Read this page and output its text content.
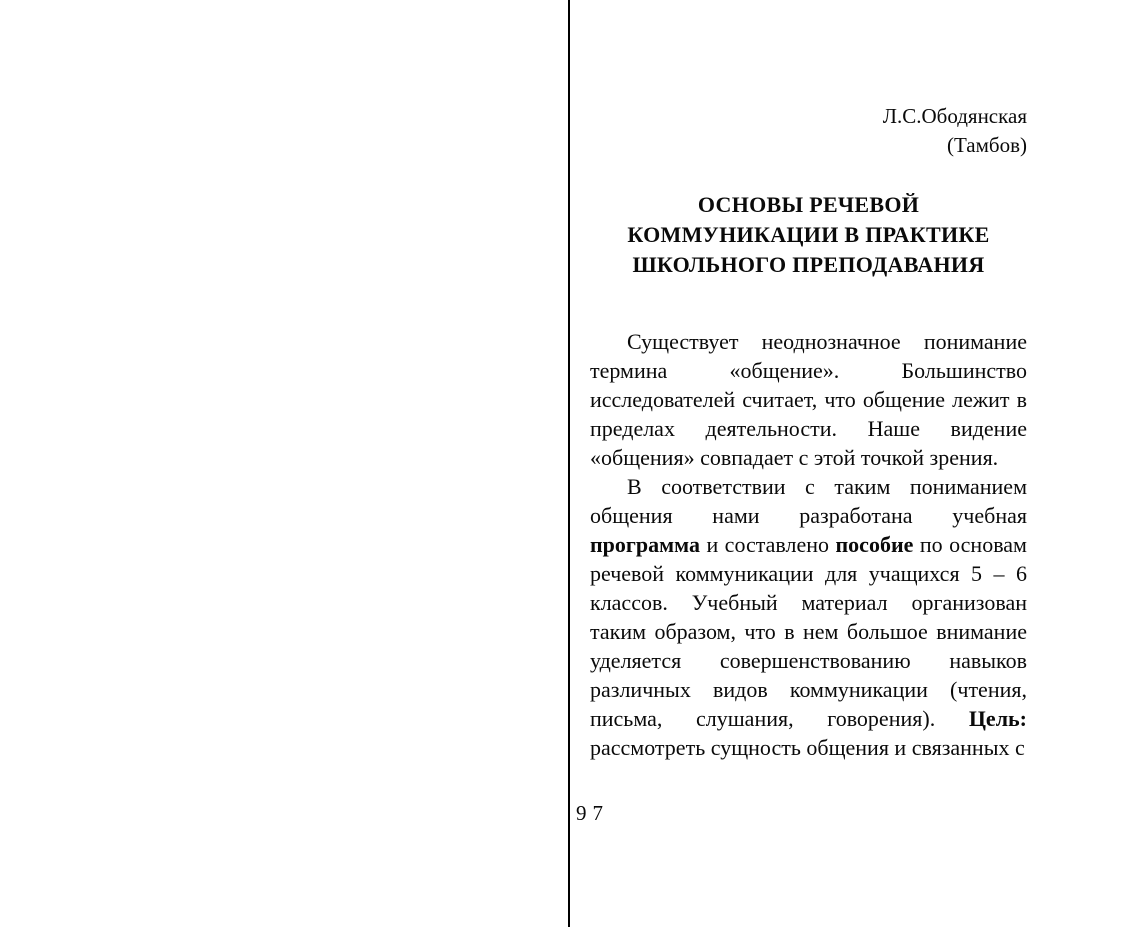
Л.С.Ободянская
(Тамбов)
ОСНОВЫ РЕЧЕВОЙ
КОММУНИКАЦИИ В ПРАКТИКЕ
ШКОЛЬНОГО ПРЕПОДАВАНИЯ

Существует неоднозначное понимание термина «общение». Большинство исследователей считает, что общение лежит в пределах деятельности. Наше видение «общения» совпадает с этой точкой зрения.

В соответствии с таким пониманием общения нами разработана учебная программа и составлено пособие по основам речевой коммуникации для учащихся 5 – 6 классов. Учебный материал организован таким образом, что в нем большое внимание уделяется совершенствованию навыков различных видов коммуникации (чтения, письма, слушания, говорения). Цель: рассмотреть сущность общения и связанных с

97
